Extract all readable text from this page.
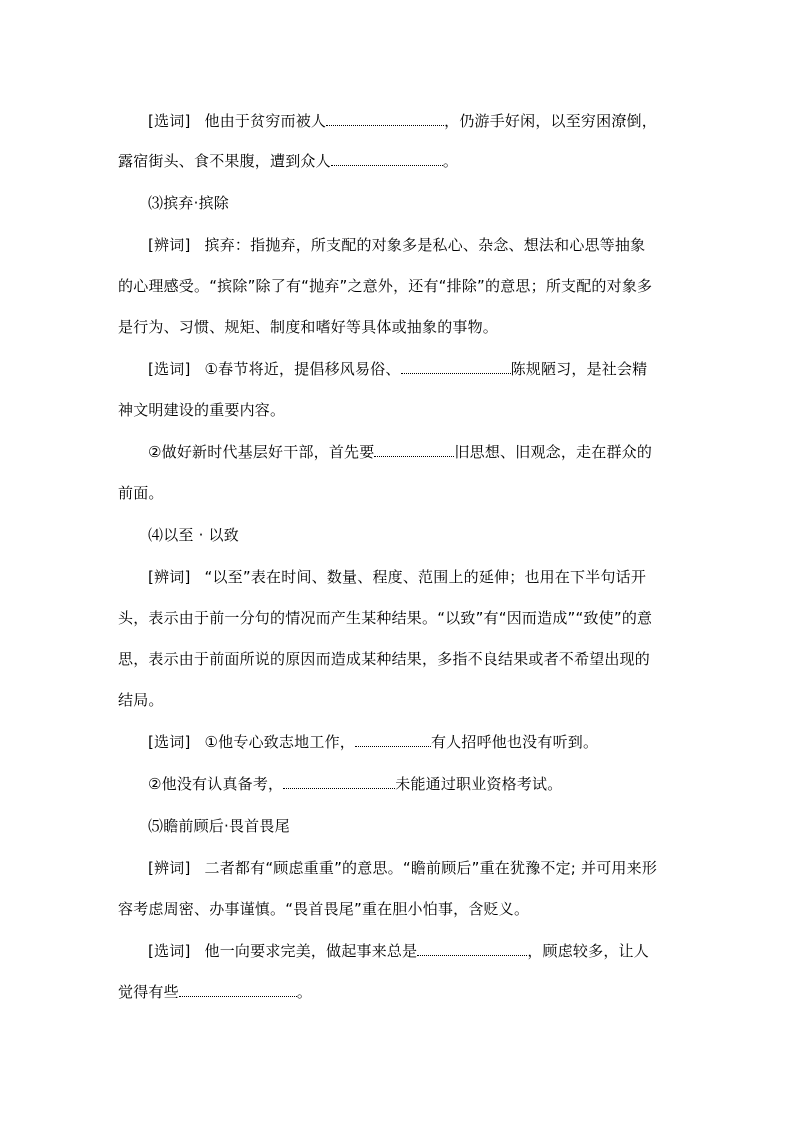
[选词] 他由于贫穷而被人	，仍游手好闲，以至穷困潦倒，
露宿街头、食不果腹，遭到众人	。
⑶摈弃·摈除
[辨词] 摈弃：指抛弃，所支配的对象多是私心、杂念、想法和心思等抽象
的心理感受。“摈除”除了有“抛弃”之意外，还有“排除”的意思；所支配的对象多
是行为、习惯、规矩、制度和嗜好等具体或抽象的事物。
[选词] ①春节将近，提倡移风易俗、	陈规陋习，是社会精
神文明建设的重要内容。
②做好新时代基层好干部，首先要	旧思想、旧观念，走在群众的
前面。
⑷以至 · 以致
[辨词] “以至”表在时间、数量、程度、范围上的延伸；也用在下半句话开
头，表示由于前一分句的情况而产生某种结果。“以致”有“因而造成”“致使”的意
思，表示由于前面所说的原因而造成某种结果，多指不良结果或者不希望出现的
结局。
[选词] ①他专心致志地工作，	有人招呼他也没有听到。
②他没有认真备考，	未能通过职业资格考试。
⑸瞻前顾后·畏首畏尾
[辨词] 二者都有“顾虑重重”的意思。“瞻前顾后”重在犹豫不定; 并可用来形
容考虑周密、办事谨慎。“畏首畏尾”重在胆小怕事，含贬义。
[选词] 他一向要求完美，做起事来总是	，顾虑较多，让人
觉得有些	。
